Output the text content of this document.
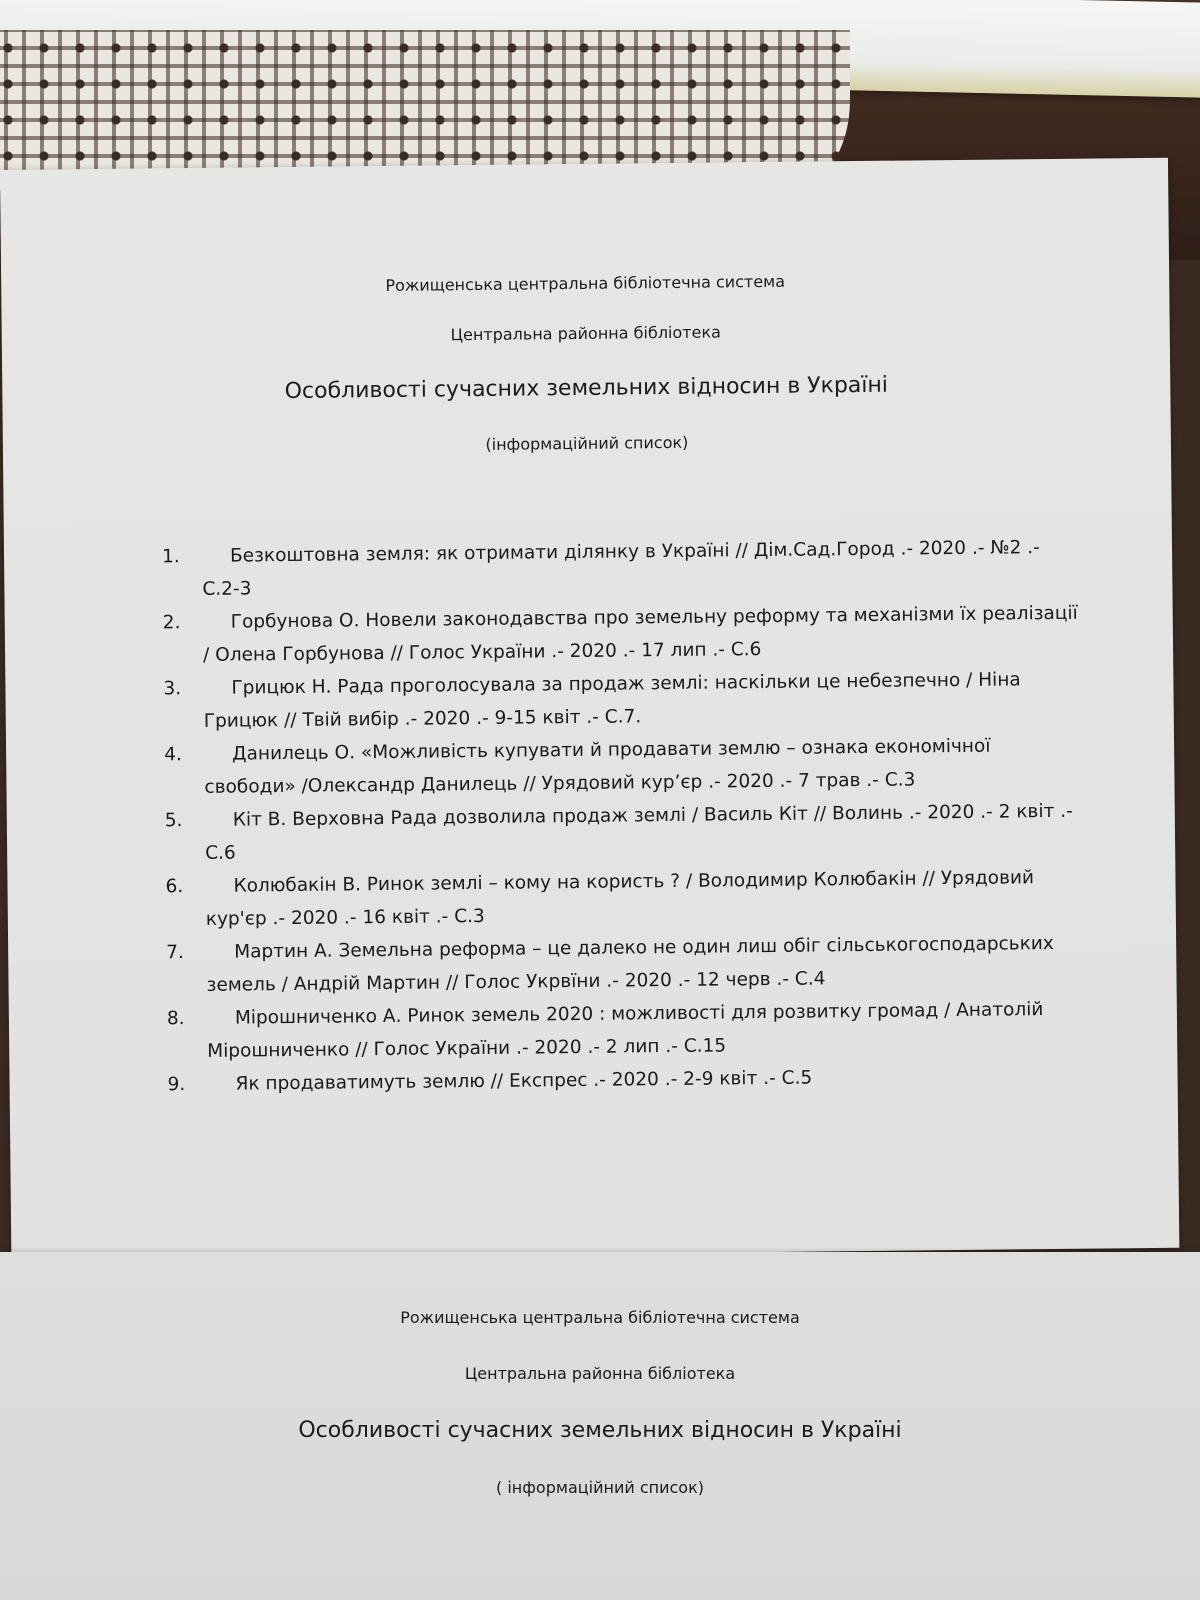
Рожищенська центральна бібліотечна система
Центральна районна бібліотека
Особливості сучасних земельних відносин в Україні
(інформаційний список)
1.	Безкоштовна земля: як отримати ділянку в Україні // Дім.Сад.Город .- 2020 .- №2 .- С.2-3
2.	Горбунова О. Новели законодавства про земельну реформу та механізми їх реалізації / Олена Горбунова // Голос України .- 2020 .- 17 лип .- С.6
3.	Грицюк Н. Рада проголосувала за продаж землі: наскільки це небезпечно / Ніна Грицюк // Твій вибір .- 2020 .- 9-15 квіт .- С.7.
4.	Данилець О. «Можливість купувати й продавати землю – ознака економічної свободи» /Олександр Данилець // Урядовий кур’єр .- 2020 .- 7 трав .- С.3
5.	Кіт В. Верховна Рада дозволила продаж землі / Василь Кіт // Волинь .- 2020 .- 2 квіт .- С.6
6.	Колюбакін В. Ринок землі – кому на користь ? / Володимир Колюбакін // Урядовий кур'єр .- 2020 .- 16 квіт .- С.3
7.	Мартин А. Земельна реформа – це далеко не один лиш обіг сільськогосподарських земель / Андрій Мартин // Голос Укрвїни .- 2020 .- 12 черв .- С.4
8.	Мірошниченко А. Ринок земель 2020 : можливості для розвитку громад / Анатолій Мірошниченко // Голос України .- 2020 .- 2 лип .- С.15
9.	Як продаватимуть землю // Експрес .- 2020 .- 2-9 квіт .- С.5
Рожищенська центральна бібліотечна система
Центральна районна бібліотека
Особливості сучасних земельних відносин в Україні
( інформаційний список)
